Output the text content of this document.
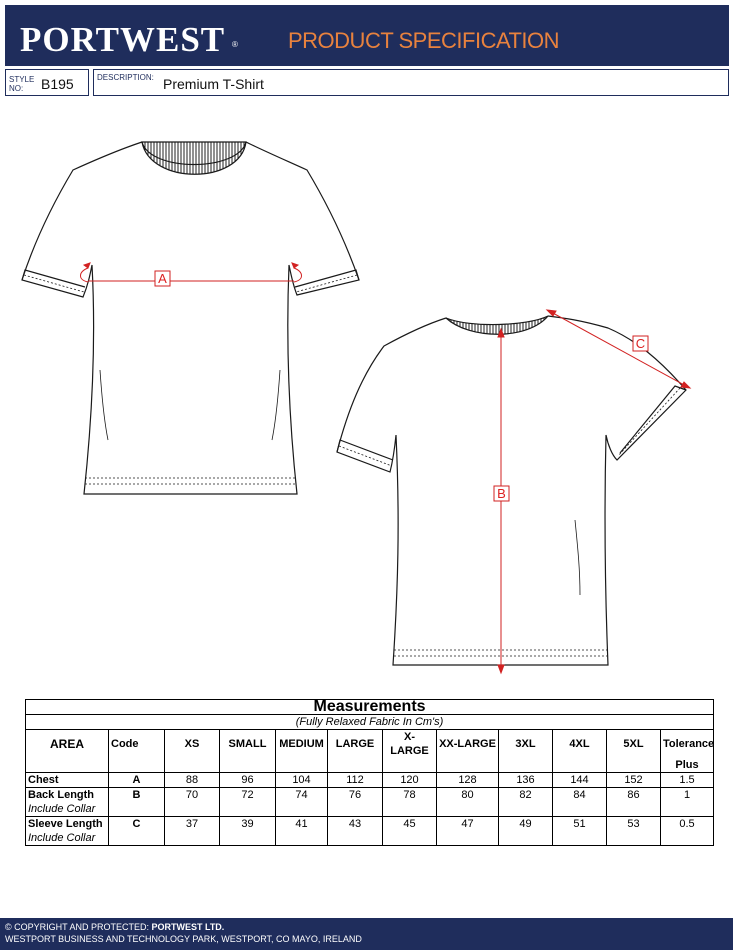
PORTWEST ® PRODUCT SPECIFICATION
STYLE
NO: B195	DESCRIPTION: Premium T-Shirt
A
B
C
Measurements											
(Fully Relaxed Fabric In Cm's)											
AREA	Code	XS	SMALL	MEDIUM	LARGE	X-LARGE	XX-LARGE	3XL	4XL	5XL	Tolerance
											Plus
Chest	A	88	96	104	112	120	128	136	144	152	1.5
Back Length	B	70	72	74	76	78	80	82	84	86	1
Include Collar											
Sleeve Length	C	37	39	41	43	45	47	49	51	53	0.5
Include Collar											
© COPYRIGHT AND PROTECTED: PORTWEST LTD.
WESTPORT BUSINESS AND TECHNOLOGY PARK, WESTPORT, CO MAYO, IRELAND
